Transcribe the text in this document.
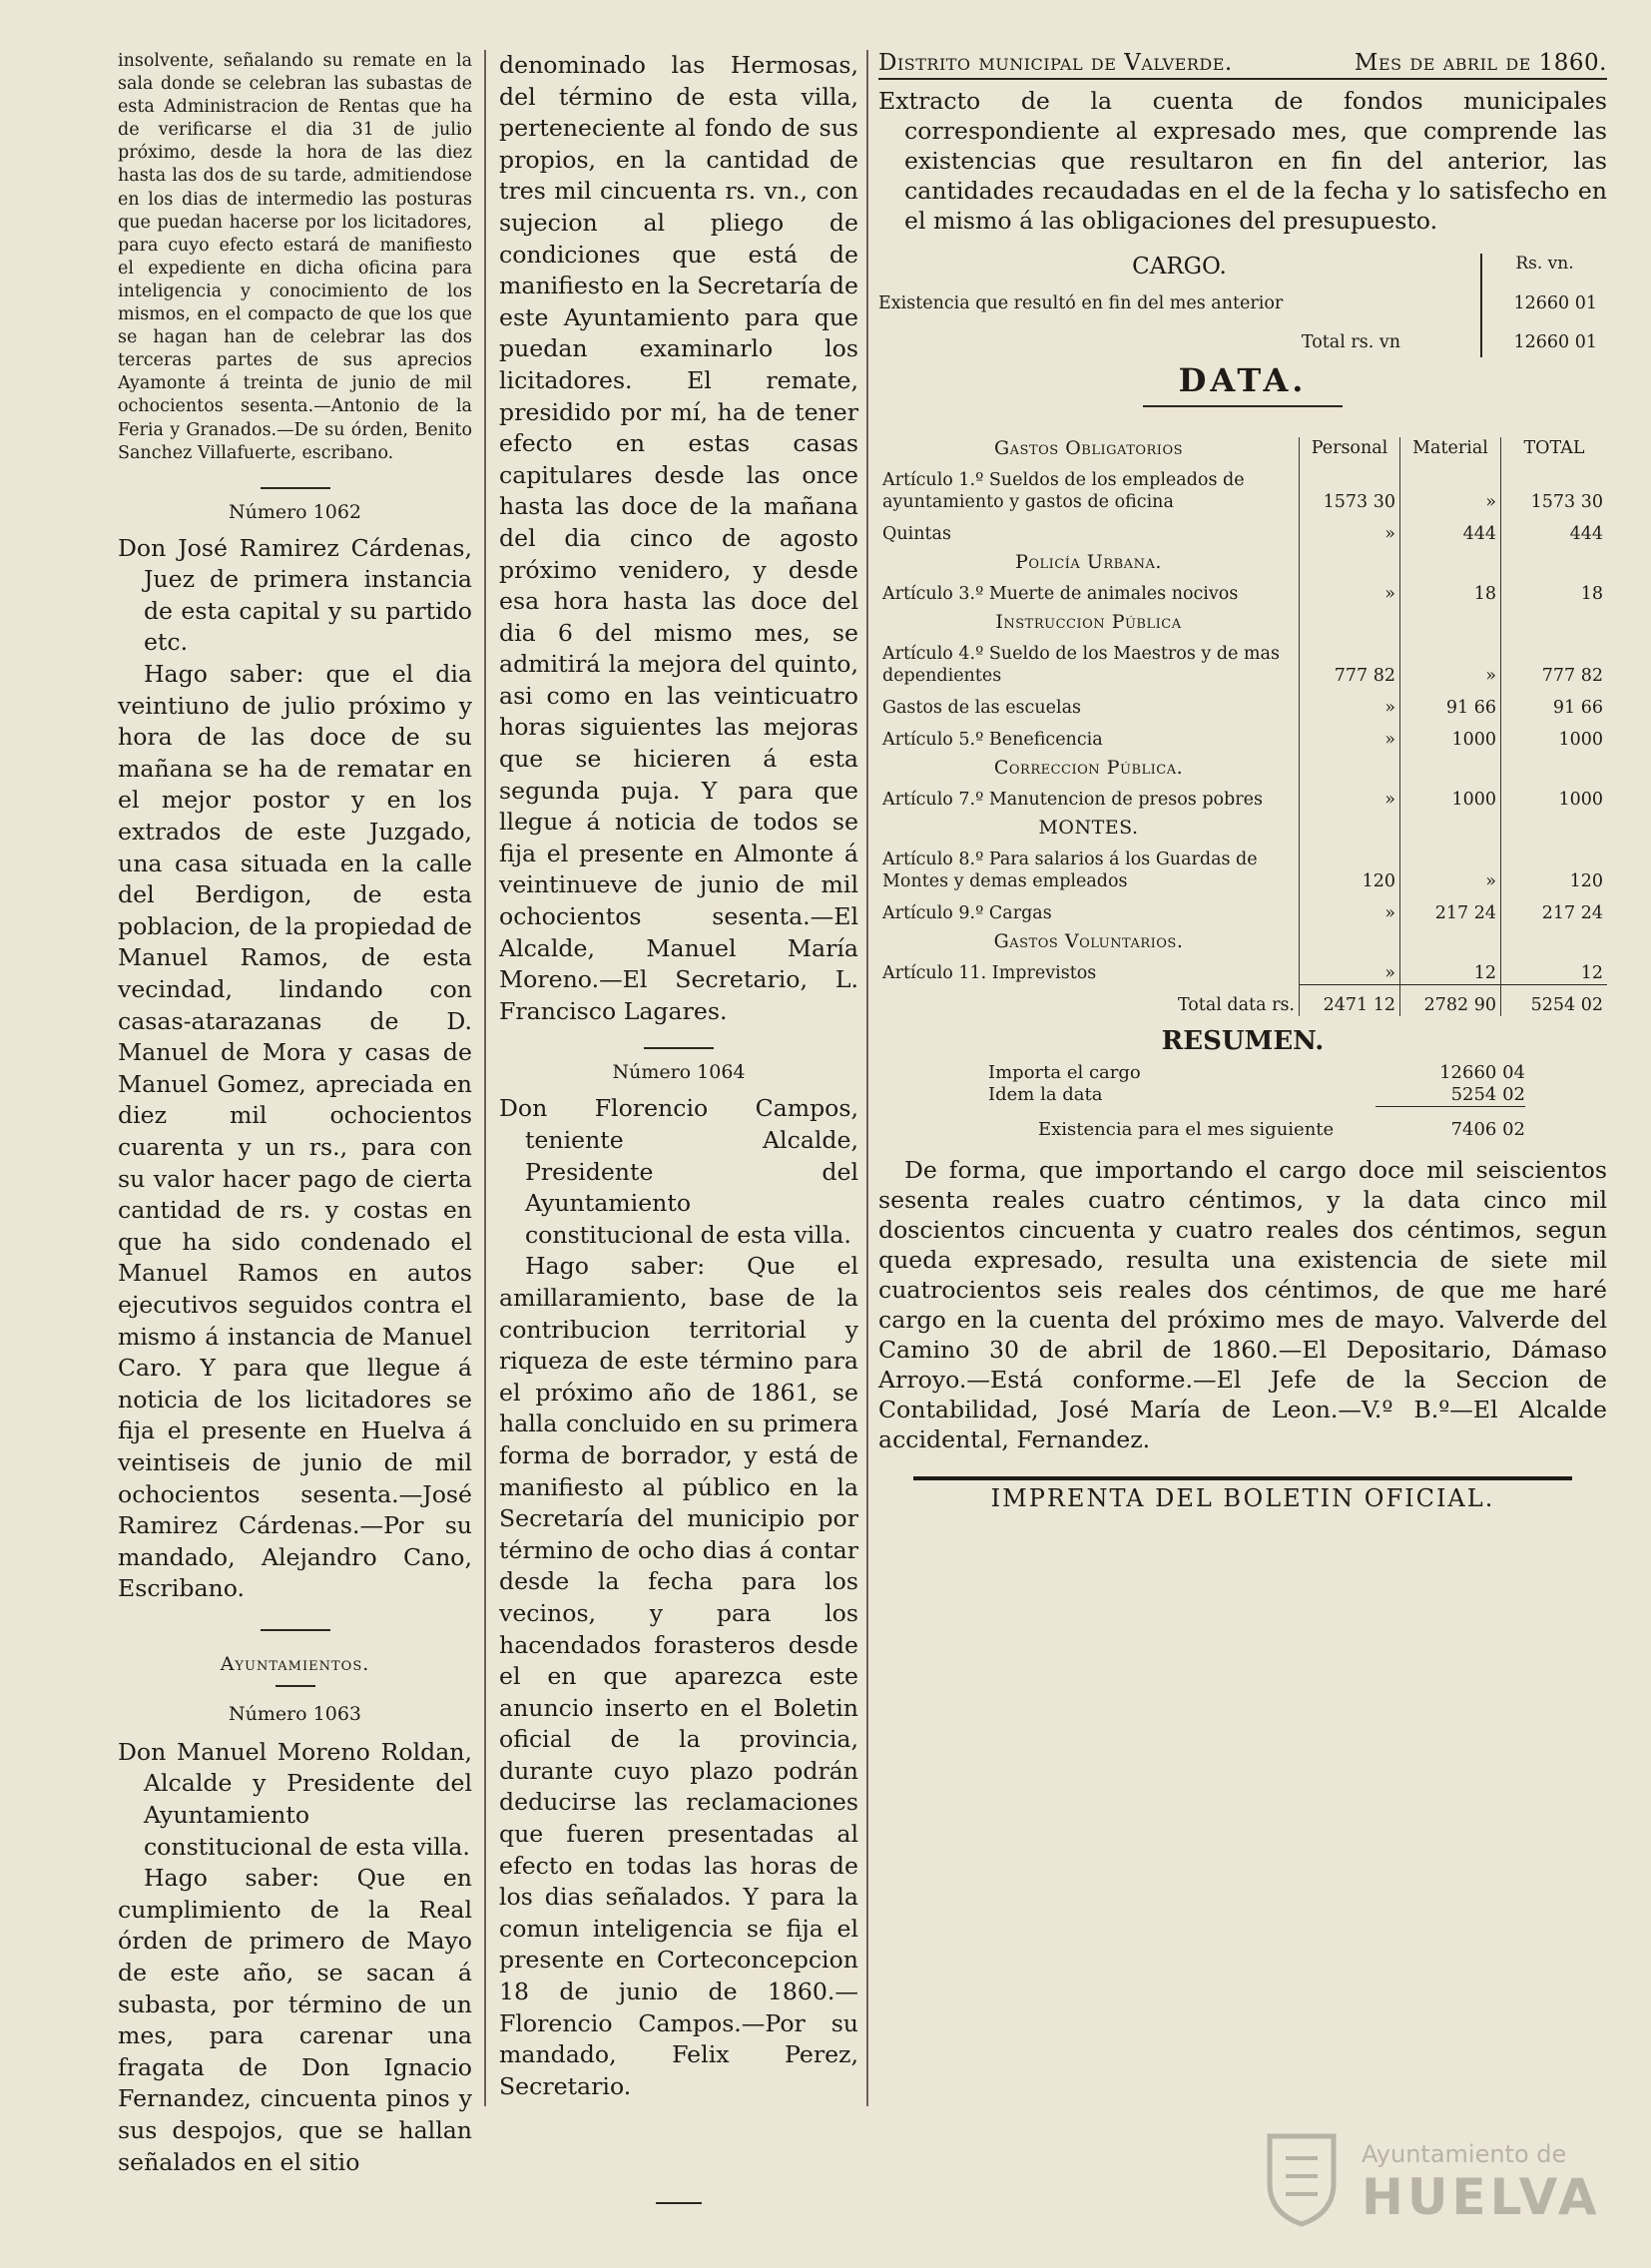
insolvente, señalando su remate en la sala donde se celebran las subastas de esta Administracion de Rentas que ha de verificarse el dia 31 de julio próximo, desde la hora de las diez hasta las dos de su tarde, admitiendose en los dias de intermedio las posturas que puedan hacerse por los licitadores, para cuyo efecto estará de manifiesto el expediente en dicha oficina para inteligencia y conocimiento de los mismos, en el compacto de que los que se hagan han de celebrar las dos terceras partes de sus aprecios Ayamonte á treinta de junio de mil ochocientos sesenta.—Antonio de la Feria y Granados.—De su órden, Benito Sanchez Villafuerte, escribano.
Número 1062
Don José Ramirez Cárdenas, Juez de primera instancia de esta capital y su partido etc.
Hago saber: que el dia veintiuno de julio próximo y hora de las doce de su mañana se ha de rematar en el mejor postor y en los extrados de este Juzgado, una casa situada en la calle del Berdigon, de esta poblacion, de la propiedad de Manuel Ramos, de esta vecindad, lindando con casas-atarazanas de D. Manuel de Mora y casas de Manuel Gomez, apreciada en diez mil ochocientos cuarenta y un rs., para con su valor hacer pago de cierta cantidad de rs. y costas en que ha sido condenado el Manuel Ramos en autos ejecutivos seguidos contra el mismo á instancia de Manuel Caro. Y para que llegue á noticia de los licitadores se fija el presente en Huelva á veintiseis de junio de mil ochocientos sesenta.—José Ramirez Cárdenas.—Por su mandado, Alejandro Cano, Escribano.
Ayuntamientos.
Número 1063
Don Manuel Moreno Roldan, Alcalde y Presidente del Ayuntamiento constitucional de esta villa.
Hago saber: Que en cumplimiento de la Real órden de primero de Mayo de este año, se sacan á subasta, por término de un mes, para carenar una fragata de Don Ignacio Fernandez, cincuenta pinos y sus despojos, que se hallan señalados en el sitio
denominado las Hermosas, del término de esta villa, perteneciente al fondo de sus propios, en la cantidad de tres mil cincuenta rs. vn., con sujecion al pliego de condiciones que está de manifiesto en la Secretaría de este Ayuntamiento para que puedan examinarlo los licitadores. El remate, presidido por mí, ha de tener efecto en estas casas capitulares desde las once hasta las doce de la mañana del dia cinco de agosto próximo venidero, y desde esa hora hasta las doce del dia 6 del mismo mes, se admitirá la mejora del quinto, asi como en las veinticuatro horas siguientes las mejoras que se hicieren á esta segunda puja. Y para que llegue á noticia de todos se fija el presente en Almonte á veintinueve de junio de mil ochocientos sesenta.—El Alcalde, Manuel María Moreno.—El Secretario, L. Francisco Lagares.
Número 1064
Don Florencio Campos, teniente Alcalde, Presidente del Ayuntamiento constitucional de esta villa.
Hago saber: Que el amillaramiento, base de la contribucion territorial y riqueza de este término para el próximo año de 1861, se halla concluido en su primera forma de borrador, y está de manifiesto al público en la Secretaría del municipio por término de ocho dias á contar desde la fecha para los vecinos, y para los hacendados forasteros desde el en que aparezca este anuncio inserto en el Boletin oficial de la provincia, durante cuyo plazo podrán deducirse las reclamaciones que fueren presentadas al efecto en todas las horas de los dias señalados. Y para la comun inteligencia se fija el presente en Corteconcepcion 18 de junio de 1860.—Florencio Campos.—Por su mandado, Felix Perez, Secretario.
Distrito municipal de Valverde.	Mes de abril de 1860.
Extracto de la cuenta de fondos municipales correspondiente al expresado mes, que comprende las existencias que resultaron en fin del anterior, las cantidades recaudadas en el de la fecha y lo satisfecho en el mismo á las obligaciones del presupuesto.
CARGO.	Rs. vn.
Existencia que resultó en fin del mes anterior	12660 01
Total rs. vn	12660 01
DATA.
Gastos Obligatorios	Personal	Material	TOTAL
Artículo 1.º Sueldos de los empleados de ayuntamiento y gastos de oficina	1573 30	»	1573 30
Quintas	»	444	444
Policía Urbana.			
Artículo 3.º Muerte de animales nocivos	»	18	18
Instruccion Pública			
Artículo 4.º Sueldo de los Maestros y de mas dependientes	777 82	»	777 82
Gastos de las escuelas	»	91 66	91 66
Artículo 5.º Beneficencia	»	1000	1000
Correccion Pública.			
Artículo 7.º Manutencion de presos pobres	»	1000	1000
MONTES.			
Artículo 8.º Para salarios á los Guardas de Montes y demas empleados	120	»	120
Artículo 9.º Cargas	»	217 24	217 24
Gastos Voluntarios.			
Artículo 11. Imprevistos	»	12	12
Total data rs.	2471 12	2782 90	5254 02
RESUMEN.
Importa el cargo	12660 04
Idem la data	5254 02
Existencia para el mes siguiente	7406 02
De forma, que importando el cargo doce mil seiscientos sesenta reales cuatro céntimos, y la data cinco mil doscientos cincuenta y cuatro reales dos céntimos, segun queda expresado, resulta una existencia de siete mil cuatrocientos seis reales dos céntimos, de que me haré cargo en la cuenta del próximo mes de mayo. Valverde del Camino 30 de abril de 1860.—El Depositario, Dámaso Arroyo.—Está conforme.—El Jefe de la Seccion de Contabilidad, José María de Leon.—V.º B.º—El Alcalde accidental, Fernandez.
IMPRENTA DEL BOLETIN OFICIAL.
Ayuntamiento de
HUELVA
